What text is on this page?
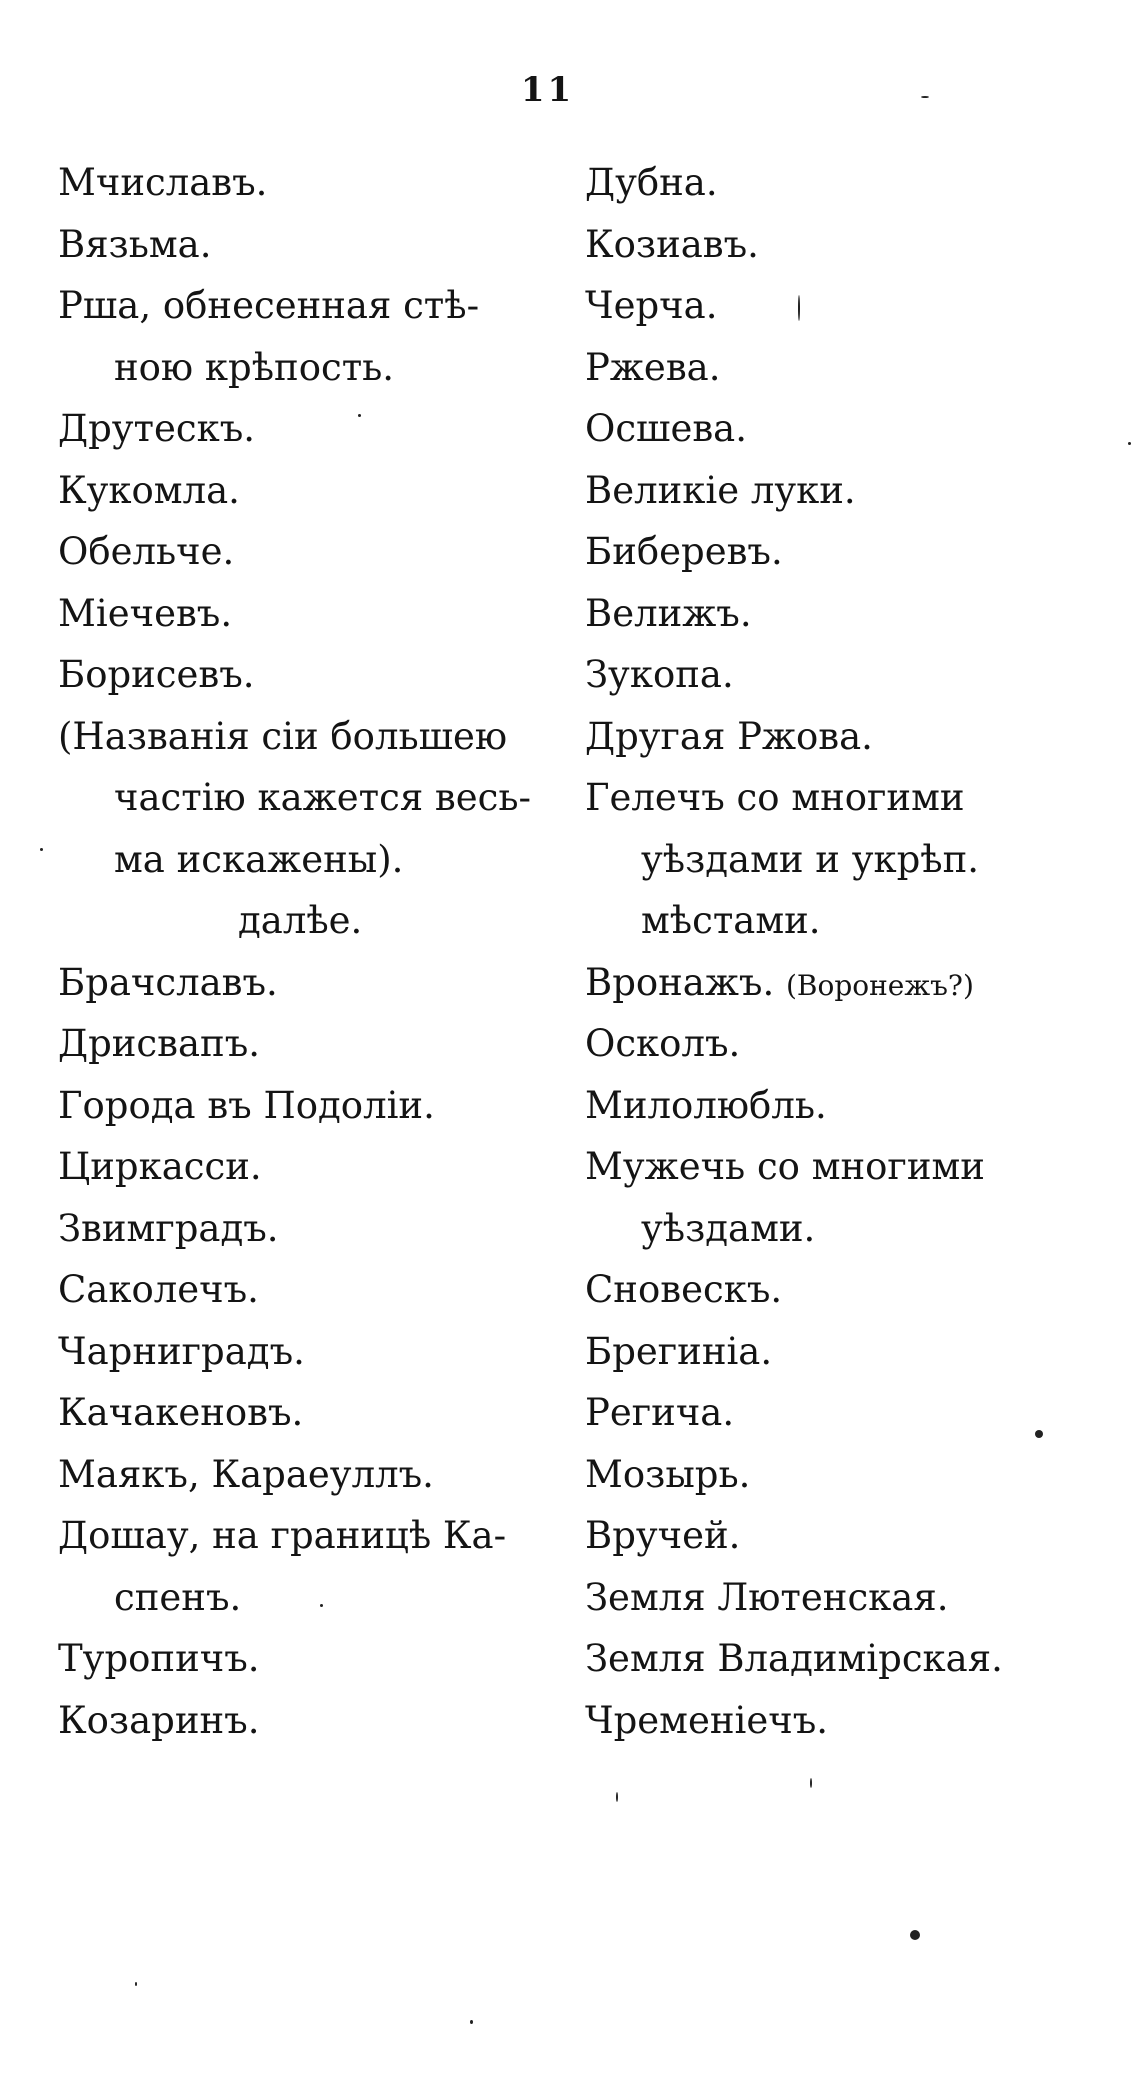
11
Мчиславъ.
Вязьма.
Рша, обнесенная стѣ-
ною крѣпость.
Друтескъ.
Кукомла.
Обельче.
Міечевъ.
Борисевъ.
(Названія сіи большею
частію кажется весь-
ма искажены).
далѣе.
Брачславъ.
Дрисвапъ.
Города въ Подоліи.
Циркасси.
Звимградъ.
Саколечъ.
Чарниградъ.
Качакеновъ.
Маякъ, Караеуллъ.
Дошау, на границѣ Ка-
спенъ.
Туропичъ.
Козаринъ.
Дубна.
Козиавъ.
Черча.
Ржева.
Осшева.
Великіе луки.
Биберевъ.
Велижъ.
Зукопа.
Другая Ржова.
Гелечъ со многими
уѣздами и укрѣп.
мѣстами.
Вронажъ. (Воронежъ?)
Осколъ.
Милолюбль.
Мужечь со многими
уѣздами.
Сновескъ.
Брегиніа.
Регича.
Мозырь.
Вручей.
Земля Лютенская.
Земля Владимірская.
Чременіечъ.
